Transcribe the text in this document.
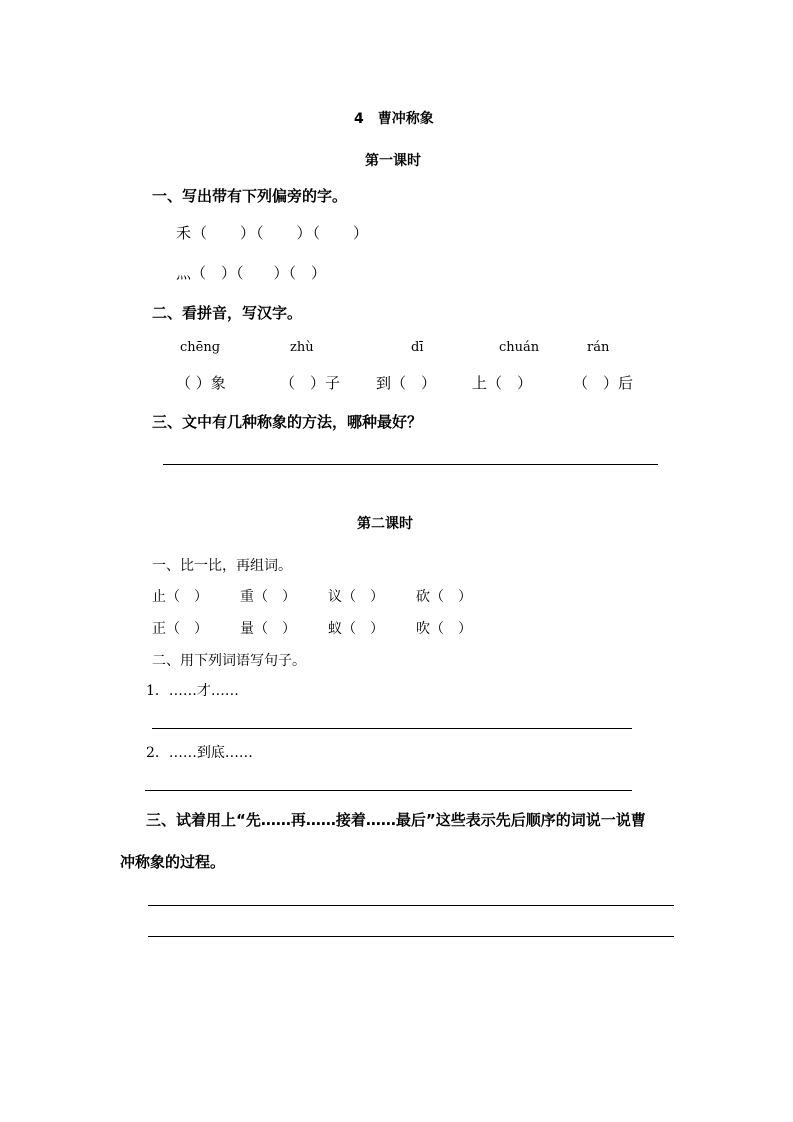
4　曹冲称象
第一课时
一、写出带有下列偏旁的字。
禾（　　）（　　）（　　）
灬（　）（　　）（　）
二、看拼音，写汉字。
chēnɡ	zhù	dī	chuán	rán
（ ）象	（　）子 到（　） 上（　）	（　）后
三、文中有几种称象的方法，哪种最好？
第二课时
一、比一比，再组词。
止（　） 重（　） 议（　） 砍（　）
正（　） 量（　） 蚁（　） 吹（　）
二、用下列词语写句子。
1．……才……
2．……到底……
三、试着用上“先……再……接着……最后”这些表示先后顺序的词说一说曹
冲称象的过程。
